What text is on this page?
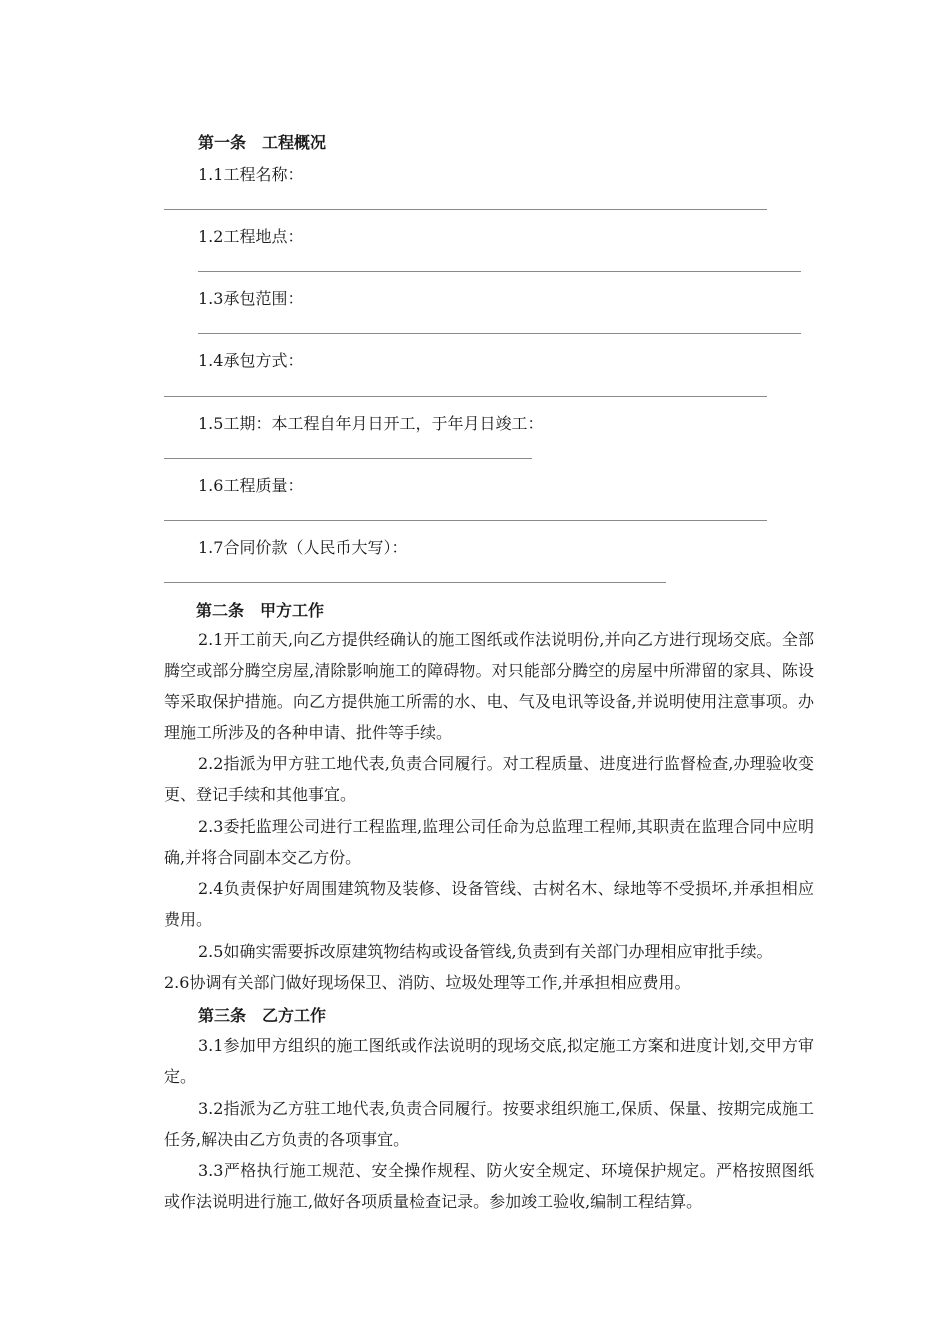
第一条　工程概况
1.1工程名称：
1.2工程地点：
1.3承包范围：
1.4承包方式：
1.5工期：本工程自年月日开工，于年月日竣工：
1.6工程质量：
1.7合同价款（人民币大写）：
第二条　甲方工作
2.1开工前天,向乙方提供经确认的施工图纸或作法说明份,并向乙方进行现场交底。全部腾空或部分腾空房屋,清除影响施工的障碍物。对只能部分腾空的房屋中所滞留的家具、陈设等采取保护措施。向乙方提供施工所需的水、电、气及电讯等设备,并说明使用注意事项。办理施工所涉及的各种申请、批件等手续。
2.2指派为甲方驻工地代表,负责合同履行。对工程质量、进度进行监督检查,办理验收变更、登记手续和其他事宜。
2.3委托监理公司进行工程监理,监理公司任命为总监理工程师,其职责在监理合同中应明确,并将合同副本交乙方份。
2.4负责保护好周围建筑物及装修、设备管线、古树名木、绿地等不受损坏,并承担相应费用。
2.5如确实需要拆改原建筑物结构或设备管线,负责到有关部门办理相应审批手续。
2.6协调有关部门做好现场保卫、消防、垃圾处理等工作,并承担相应费用。
第三条　乙方工作
3.1参加甲方组织的施工图纸或作法说明的现场交底,拟定施工方案和进度计划,交甲方审定。
3.2指派为乙方驻工地代表,负责合同履行。按要求组织施工,保质、保量、按期完成施工任务,解决由乙方负责的各项事宜。
3.3严格执行施工规范、安全操作规程、防火安全规定、环境保护规定。严格按照图纸或作法说明进行施工,做好各项质量检查记录。参加竣工验收,编制工程结算。
